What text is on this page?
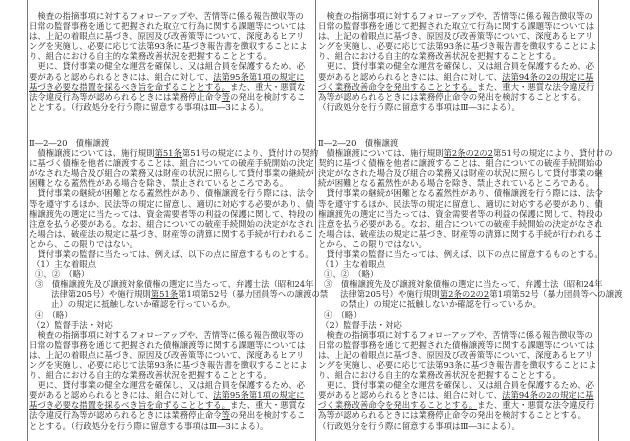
　検査の指摘事項に対するフォローアップや、苦情等に係る報告徴収等の
日常の監督事務を通じて把握された取立て行為に関する課題等については
は、上記の着眼点に基づき、原因及び改善策等について、深度あるヒアリ
ングを実施し、必要に応じて法第93条に基づき報告書を徴収することによ
り、組合における自主的な業務改善状況を把握することとする。
　更に、貸付事業の健全な運営を確保し、又は組合員を保護するため、必
要があると認められるときには、組合に対して、法第95条第1項の規定に
基づき必要な措置を採るべき旨を命ずることとする。また、重大・悪質な
法令違反行為等が認められるときには業務停止命令等の発出を検討するこ
ととする。（行政処分を行う際に留意する事項はⅢ―3による）。
Ⅱ―2―20　債権譲渡
　債権譲渡については、施行規則第51条第51号の規定により、貸付けの契約
に基づく債権を他者に譲渡することは、組合についての破産手続開始の決定
がなされた場合及び組合の業務又は財産の状況に照らして貸付事業の継続が
困難となる蓋然性がある場合を除き、禁止されているところである。
　貸付事業の継続が困難となる蓋然性があり、債権譲渡を行う際には、法令
等を遵守するほか、民法等の規定に留意し、適切に対応する必要があり、債
権譲渡先の選定に当たっては、資金需要者等の利益の保護に関して、特段の
注意を払う必要がある。なお、組合についての破産手続開始の決定がなされ
た場合は、破産法の規定に基づき、財産等の清算に関する手続が行われるこ
とから、この限りではない。
　貸付事業の監督に当たっては、例えば、以下の点に留意するものとする。
（1）主な着眼点
①、②　（略）
③　債権譲渡先及び譲渡対象債権の選定に当たって、弁護士法（昭和24年
法律第205号）や施行規則第51条第1項第52号（暴力団員等への譲渡の禁
止）の規定に抵触しないか確認を行っているか。
④　（略）
（2）監督手法・対応
　検査の指摘事項に対するフォローアップや、苦情等に係る報告徴収等の
日常の監督事務を通じて把握された債権譲渡等に関する課題等については
は、上記の着眼点に基づき、原因及び改善策等について、深度あるヒアリ
ングを実施し、必要に応じて法第93条に基づき報告書を徴収することによ
り、組合における自主的な業務改善状況を把握することとする。
　更に、貸付事業の健全な運営を確保し、又は組合員を保護するため、必
要があると認められるときには、組合に対して、法第95条第1項の規定に
基づき必要な措置を採るべき旨を命ずることとする。また、重大・悪質な
法令違反行為等が認められるときには業務停止命令等の発出を検討するこ
ととする。（行政処分を行う際に留意する事項はⅢ―3による）。
　検査の指摘事項に対するフォローアップや、苦情等に係る報告徴収等の
日常の監督事務を通じて把握された取立て行為に関する課題等については
は、上記の着眼点に基づき、原因及び改善策等について、深度あるヒアリ
ングを実施し、必要に応じて法第93条に基づき報告書を徴収することによ
り、組合における自主的な業務改善状況を把握することとする。
　更に、貸付事業の健全な運営を確保し、又は組合員を保護するため、必
要があると認められるときには、組合に対して、法第94条の2の規定に基
づく業務改善命令を発出することとする。また、重大・悪質な法令違反行
為等が認められるときには業務停止命令の発出を検討することとする。
（行政処分を行う際に留意する事項はⅢ―3による）。
Ⅱ―2―20　債権譲渡
　債権譲渡については、施行規則第2条の2の2第51号の規定により、貸付けの
契約に基づく債権を他者に譲渡することは、組合についての破産手続開始の
決定がなされた場合及び組合の業務又は財産の状況に照らして貸付事業の継
続が困難となる蓋然性がある場合を除き、禁止されているところである。
　貸付事業の継続が困難となる蓋然性があり、債権譲渡を行う際には、法令
等を遵守するほか、民法等の規定に留意し、適切に対応する必要があり、債
権譲渡先の選定に当たっては、資金需要者等の利益の保護に関して、特段の
注意を払う必要がある。なお、組合についての破産手続開始の決定がなされ
た場合は、破産法の規定に基づき、財産等の清算に関する手続が行われるこ
とから、この限りではない。
　貸付事業の監督に当たっては、例えば、以下の点に留意するものとする。
（1）主な着眼点
①、②　（略）
③　債権譲渡先及び譲渡対象債権の選定に当たって、弁護士法（昭和24年
法律第205号）や施行規則第2条の2の2第1項第52号（暴力団員等への譲渡
の禁止）の規定に抵触しないか確認を行っているか。
④　（略）
（2）監督手法・対応
　検査の指摘事項に対するフォローアップや、苦情等に係る報告徴収等の
日常の監督事務を通じて把握された債権譲渡等に関する課題等については
は、上記の着眼点に基づき、原因及び改善策等について、深度あるヒアリ
ングを実施し、必要に応じて法第93条に基づき報告書を徴収することによ
り、組合における自主的な業務改善状況を把握することとする。
　更に、貸付事業の健全な運営を確保し、又は組合員を保護するため、必
要があると認められるときには、組合に対して、法第94条の2の規定に基
づく業務改善命令を発出することとする。また、重大・悪質な法令違反行
為等が認められるときには業務停止命令の発出を検討することとする。
（行政処分を行う際に留意する事項はⅢ―3による）。
